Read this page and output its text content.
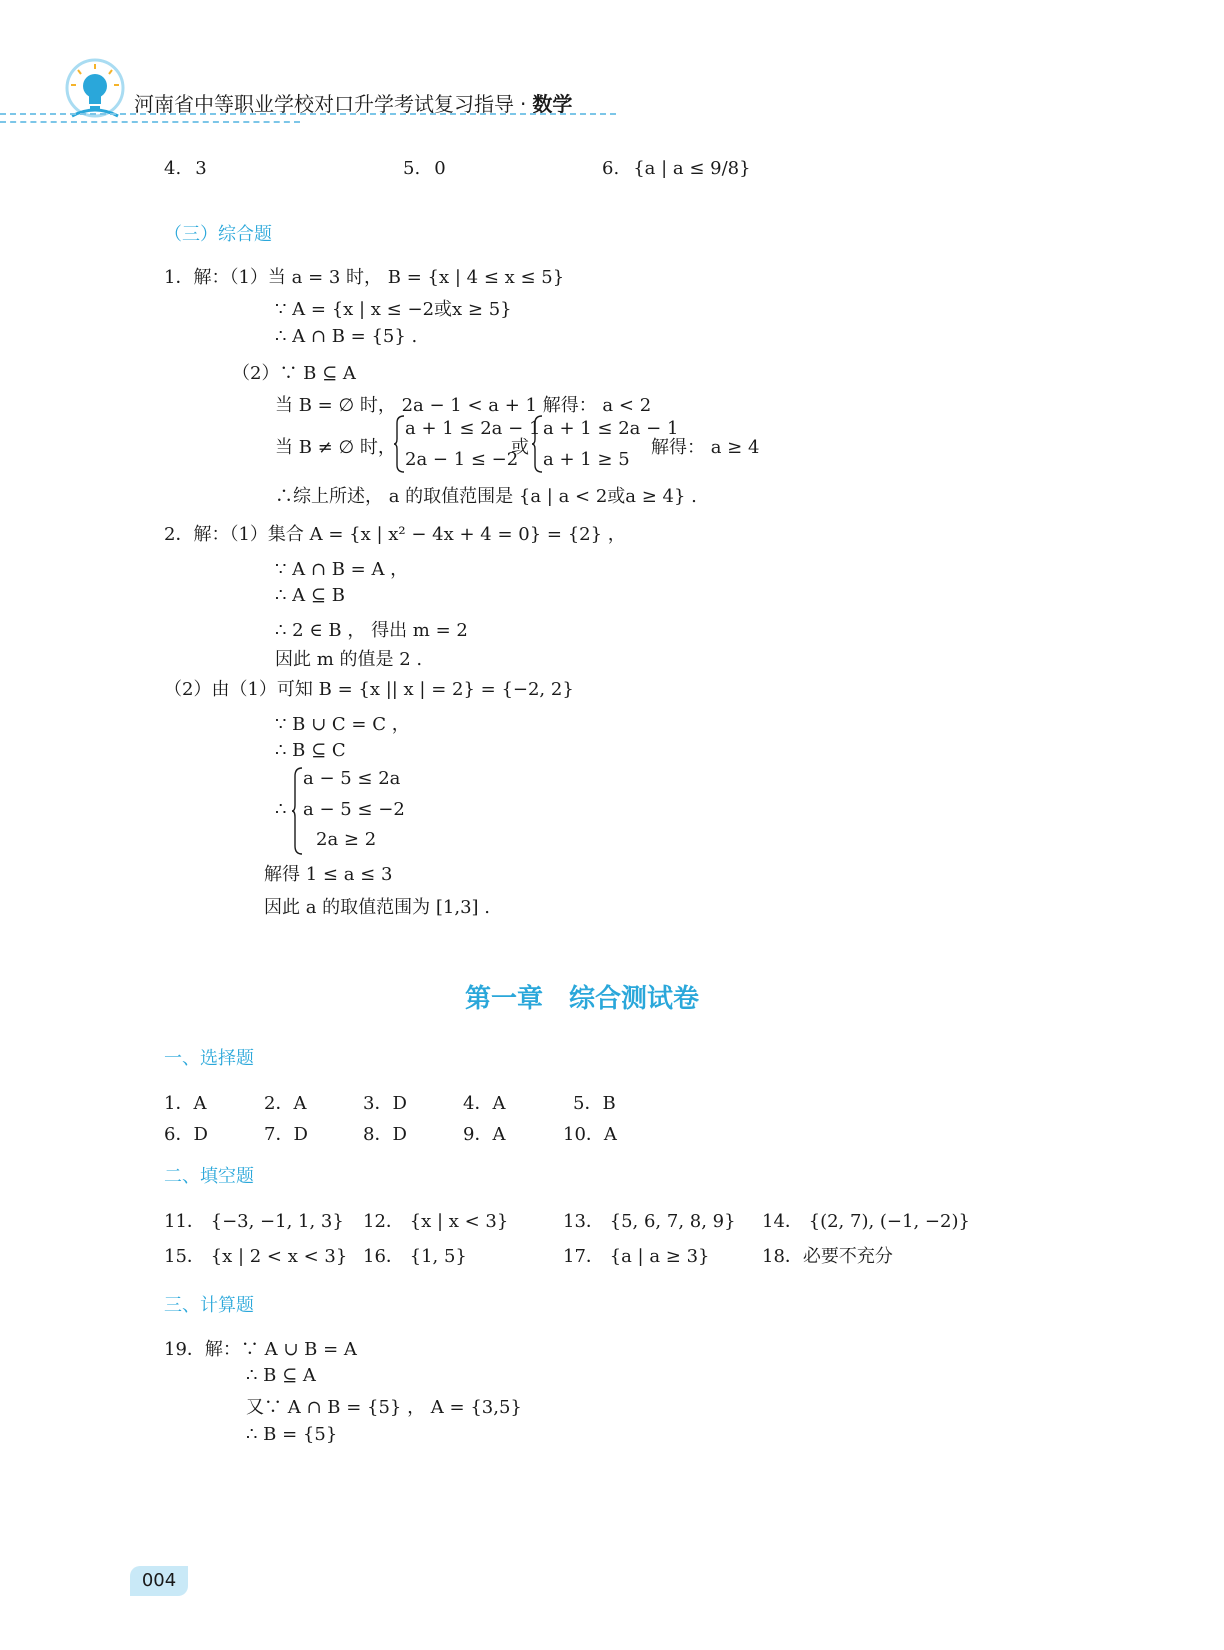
河南省中等职业学校对口升学考试复习指导 · 数学
4. 3	5. 0	6. {a | a ≤ 9/8}
（三）综合题
1．解：（1）当 a = 3 时， B = {x | 4 ≤ x ≤ 5}
∵ A = {x | x ≤ −2或x ≥ 5}
∴ A ∩ B = {5} .
（2）∵ B ⊆ A
当 B = ∅ 时， 2a − 1 < a + 1 解得： a < 2
当 B ≠ ∅ 时，
a + 1 ≤ 2a − 1
2a − 1 ≤ −2
或
a + 1 ≤ 2a − 1
a + 1 ≥ 5
解得： a ≥ 4
∴综上所述， a 的取值范围是 {a | a < 2或a ≥ 4} .
2．解：（1）集合 A = {x | x² − 4x + 4 = 0} = {2} ，
∵ A ∩ B = A ，
∴ A ⊆ B
∴ 2 ∈ B ， 得出 m = 2
因此 m 的值是 2 .
（2）由（1）可知 B = {x || x | = 2} = {−2, 2}
∵ B ∪ C = C ，
∴ B ⊆ C
∴
a − 5 ≤ 2a
a − 5 ≤ −2
2a ≥ 2
解得 1 ≤ a ≤ 3
因此 a 的取值范围为 [1,3] .
第一章　综合测试卷
一、选择题
1．A	2．A	3．D	4．A	5．B
6．D	7．D	8．D	9．A	10．A
二、填空题
11． {−3, −1, 1, 3} 12． {x | x < 3}	13． {5, 6, 7, 8, 9} 14． {(2, 7), (−1, −2)}
15． {x | 2 < x < 3} 16． {1, 5}	17． {a | a ≥ 3}	18．必要不充分
三、计算题
19．解：∵ A ∪ B = A
∴ B ⊆ A
又∵ A ∩ B = {5} ， A = {3,5}
∴ B = {5}
004
